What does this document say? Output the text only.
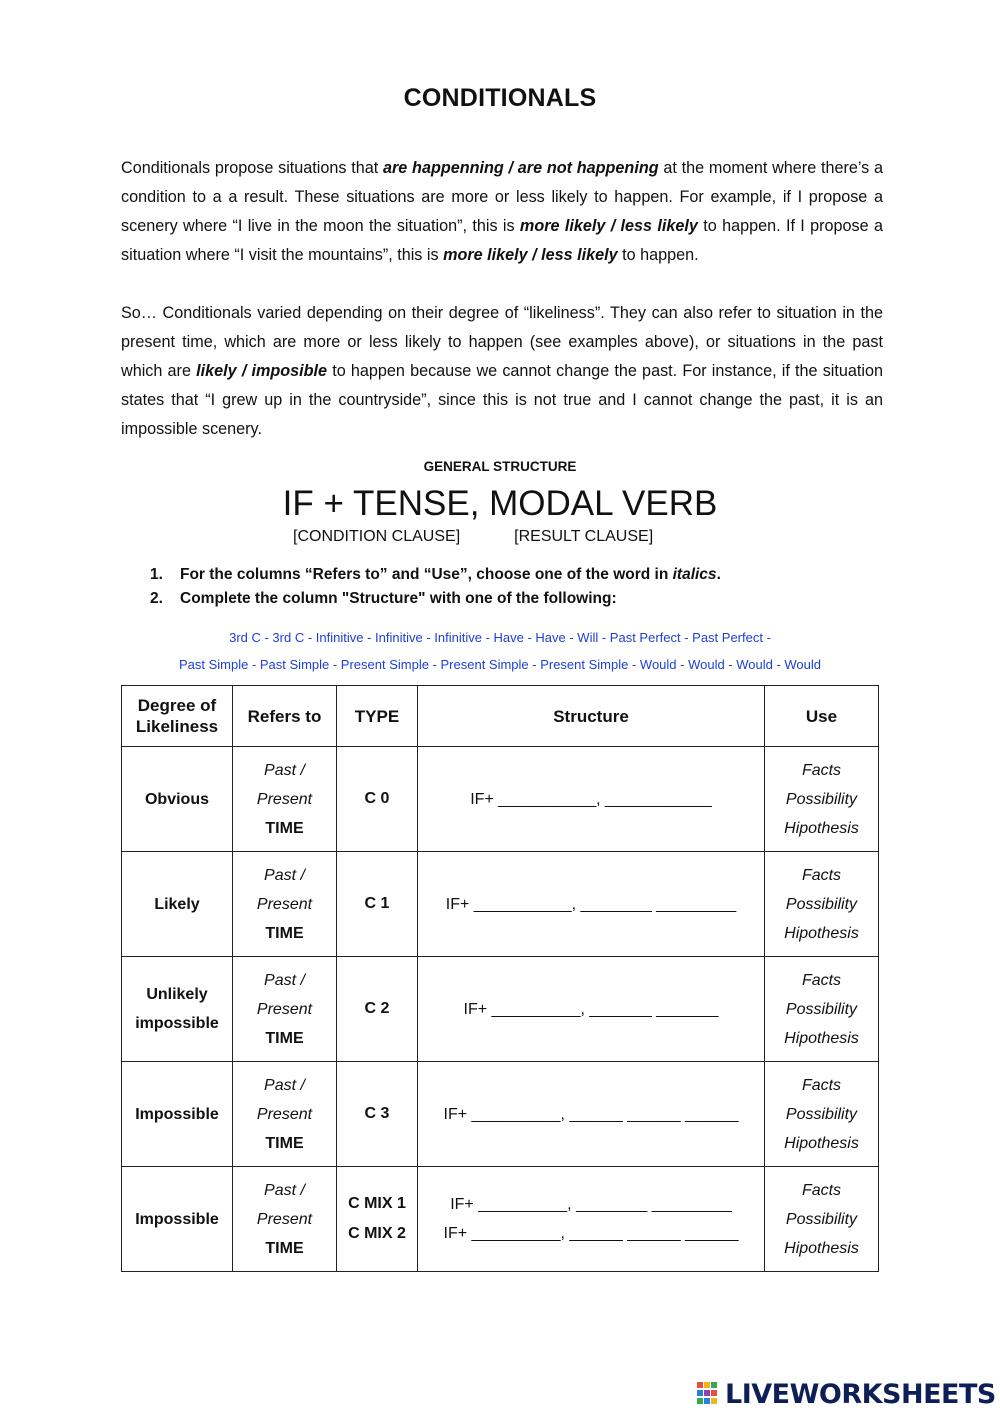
CONDITIONALS

Conditionals propose situations that are happenning / are not happening at the moment where there’s a condition to a a result. These situations are more or less likely to happen. For example, if I propose a scenery where “I live in the moon the situation”, this is more likely / less likely to happen. If I propose a situation where “I visit the mountains”, this is more likely / less likely to happen.

So… Conditionals varied depending on their degree of “likeliness”. They can also refer to situation in the present time, which are more or less likely to happen (see examples above), or situations in the past which are likely / imposible to happen because we cannot change the past. For instance, if the situation states that “I grew up in the countryside”, since this is not true and I cannot change the past, it is an impossible scenery.

GENERAL STRUCTURE
IF + TENSE, MODAL VERB
[CONDITION CLAUSE]	[RESULT CLAUSE]
1. For the columns “Refers to” and “Use”, choose one of the word in italics.
2. Complete the column "Structure" with one of the following:
3rd C - 3rd C - Infinitive - Infinitive - Infinitive - Have - Have - Will - Past Perfect - Past Perfect -
Past Simple - Past Simple - Present Simple - Present Simple - Present Simple - Would - Would - Would - Would
Degree of Likeliness	Refers to	TYPE	Structure	Use
Obvious	Past /
Present
TIME	C 0	IF+ ___________, ____________	Facts
Possibility
Hipothesis

Likely	Past /
Present
TIME	C 1	IF+ ___________, ________ _________	Facts
Possibility
Hipothesis

Unlikely impossible	Past /
Present
TIME	C 2	IF+ __________, _______ _______	Facts
Possibility
Hipothesis

Impossible	Past /
Present
TIME	C 3	IF+ __________, ______ ______ ______	Facts
Possibility
Hipothesis

Impossible	Past /
Present
TIME	C MIX 1
C MIX 2	IF+ __________, ________ _________
IF+ __________, ______ ______ ______	Facts
Possibility
Hipothesis
LIVEWORKSHEETS
